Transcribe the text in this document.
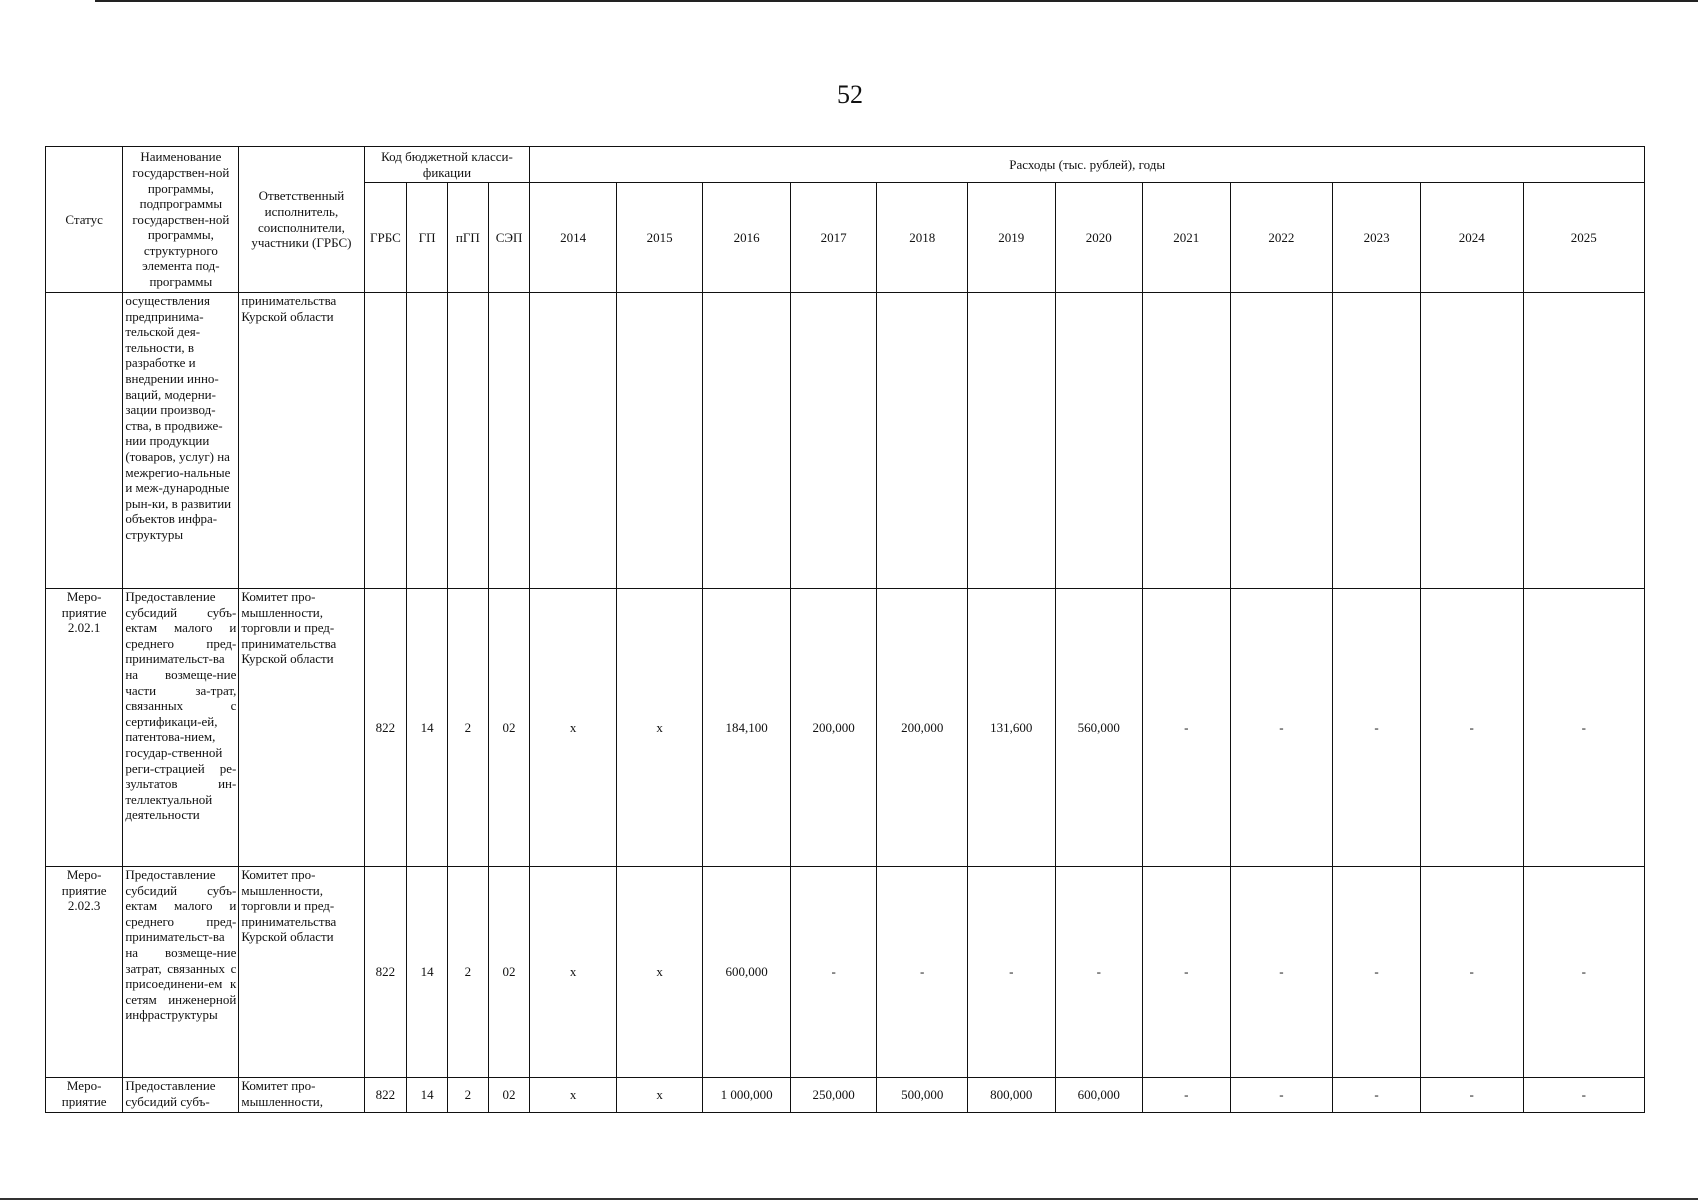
52
Статус	Наименование государствен-ной программы, подпрограммы государствен-ной программы, структурного элемента под-программы	Ответственный исполнитель, соисполнители, участники (ГРБС)	Код бюджетной класси-фикации				Расходы (тыс. рублей), годы											
			ГРБС	ГП	пГП	СЭП	2014	2015	2016	2017	2018	2019	2020	2021	2022	2023	2024	2025
	осуществления предпринима-тельской дея-тельности, в разработке и внедрении инно-ваций, модерни-зации производ-ства, в продвиже-нии продукции (товаров, услуг) на межрегио-нальные и меж-дународные рын-ки, в развитии объектов инфра-структуры	принимательства Курской области																
Меро-приятие 2.02.1	Предоставление субсидий субъ-ектам малого и среднего пред-принимательст-ва на возмеще-ние части за-трат, связанных с сертификаци-ей, патентова-нием, государ-ственной реги-страцией ре-зультатов ин-теллектуальной деятельности	Комитет про-мышленности, торговли и пред-принимательства Курской области	822	14	2	02	х	х	184,100	200,000	200,000	131,600	560,000	-	-	-	-	-
Меро-приятие 2.02.3	Предоставление субсидий субъ-ектам малого и среднего пред-принимательст-ва на возмеще-ние затрат, связанных с присоединени-ем к сетям инженерной инфраструктуры	Комитет про-мышленности, торговли и пред-принимательства Курской области	822	14	2	02	х	х	600,000	-	-	-	-	-	-	-	-	-
Меро-приятие	Предоставление субсидий субъ-	Комитет про-мышленности,	822	14	2	02	х	х	1 000,000	250,000	500,000	800,000	600,000	-	-	-	-	-
